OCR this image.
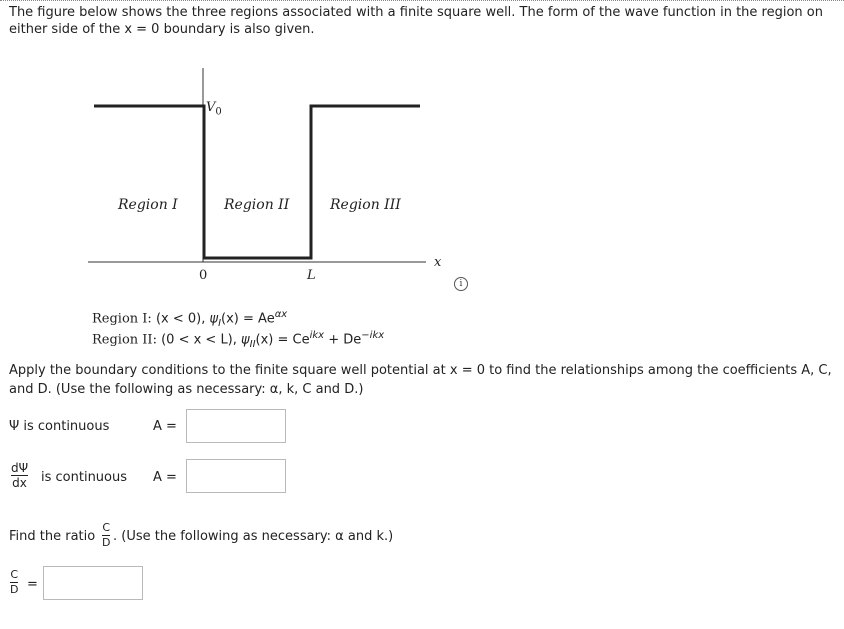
The figure below shows the three regions associated with a finite square well. The form of the wave function in the region on
either side of the x = 0 boundary is also given.
$V_0$
Region I	Region II	Region III
0	L
x
i
Region I: (x < 0), $\psi_I(x) = Ae^{\alpha x}$
Region II: (0 < x < L), $\psi_{II}(x) = Ce^{ikx} + De^{-ikx}$
Apply the boundary conditions to the finite square well potential at x = 0 to find the relationships among the coefficients A, C,
and D. (Use the following as necessary: α, k, C and D.)
Ψ is continuous	A =
dΨ
dx is continuous A =
Find the ratio
C
D . (Use the following as necessary: α and k.)
C
D =
